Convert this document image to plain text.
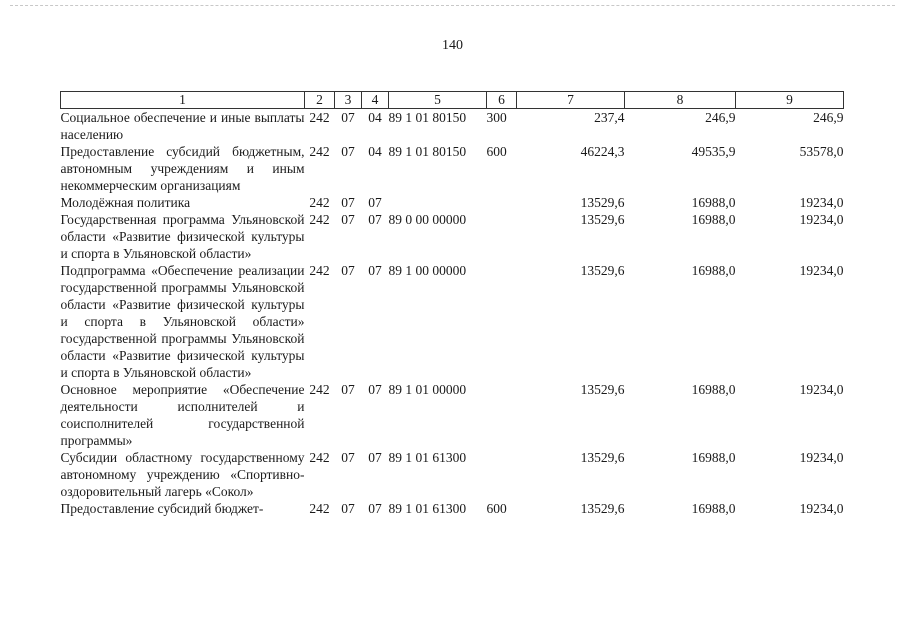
140
1	2	3	4	5	6	7	8	9
Социальное обеспечение и иные выплаты населению	242	07	04	89 1 01 80150	300	237,4	246,9	246,9
Предоставление субсидий бюджетным, автономным учреждениям и иным некоммерческим организациям	242	07	04	89 1 01 80150	600	46224,3	49535,9	53578,0
Молодёжная политика	242	07	07			13529,6	16988,0	19234,0
Государственная программа Ульяновской области «Развитие физической культуры и спорта в Ульяновской области»	242	07	07	89 0 00 00000		13529,6	16988,0	19234,0
Подпрограмма «Обеспечение реализации государственной программы Ульяновской области «Развитие физической культуры и спорта в Ульяновской области» государственной программы Ульяновской области «Развитие физической культуры и спорта в Ульяновской области»	242	07	07	89 1 00 00000		13529,6	16988,0	19234,0
Основное мероприятие «Обеспечение деятельности исполнителей и соисполнителей государственной программы»	242	07	07	89 1 01 00000		13529,6	16988,0	19234,0
Субсидии областному государственному автономному учреждению «Спортивно-оздоровительный лагерь «Сокол»	242	07	07	89 1 01 61300		13529,6	16988,0	19234,0
Предоставление субсидий бюджет-	242	07	07	89 1 01 61300	600	13529,6	16988,0	19234,0
